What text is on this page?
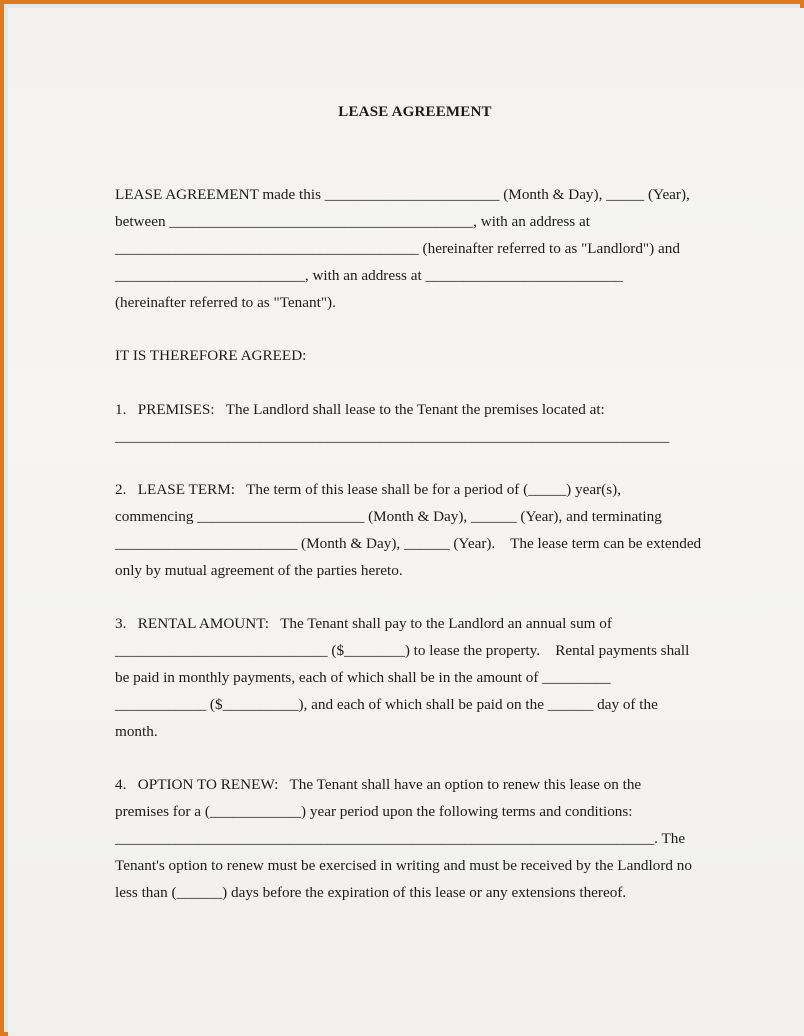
LEASE AGREEMENT
LEASE AGREEMENT made this _______________________ (Month & Day), _____ (Year),
between ________________________________________, with an address at
________________________________________ (hereinafter referred to as "Landlord") and
_________________________, with an address at __________________________
(hereinafter referred to as "Tenant").
IT IS THEREFORE AGREED:
1.   PREMISES:   The Landlord shall lease to the Tenant the premises located at:
_________________________________________________________________________
2.   LEASE TERM:   The term of this lease shall be for a period of (_____) year(s),
commencing ______________________ (Month & Day), ______ (Year), and terminating
________________________ (Month & Day), ______ (Year).    The lease term can be extended
only by mutual agreement of the parties hereto.
3.   RENTAL AMOUNT:   The Tenant shall pay to the Landlord an annual sum of
____________________________ ($________) to lease the property.    Rental payments shall
be paid in monthly payments, each of which shall be in the amount of _________
____________ ($__________), and each of which shall be paid on the ______ day of the
month.
4.   OPTION TO RENEW:   The Tenant shall have an option to renew this lease on the
premises for a (____________) year period upon the following terms and conditions:
_______________________________________________________________________. The
Tenant's option to renew must be exercised in writing and must be received by the Landlord no
less than (______) days before the expiration of this lease or any extensions thereof.
